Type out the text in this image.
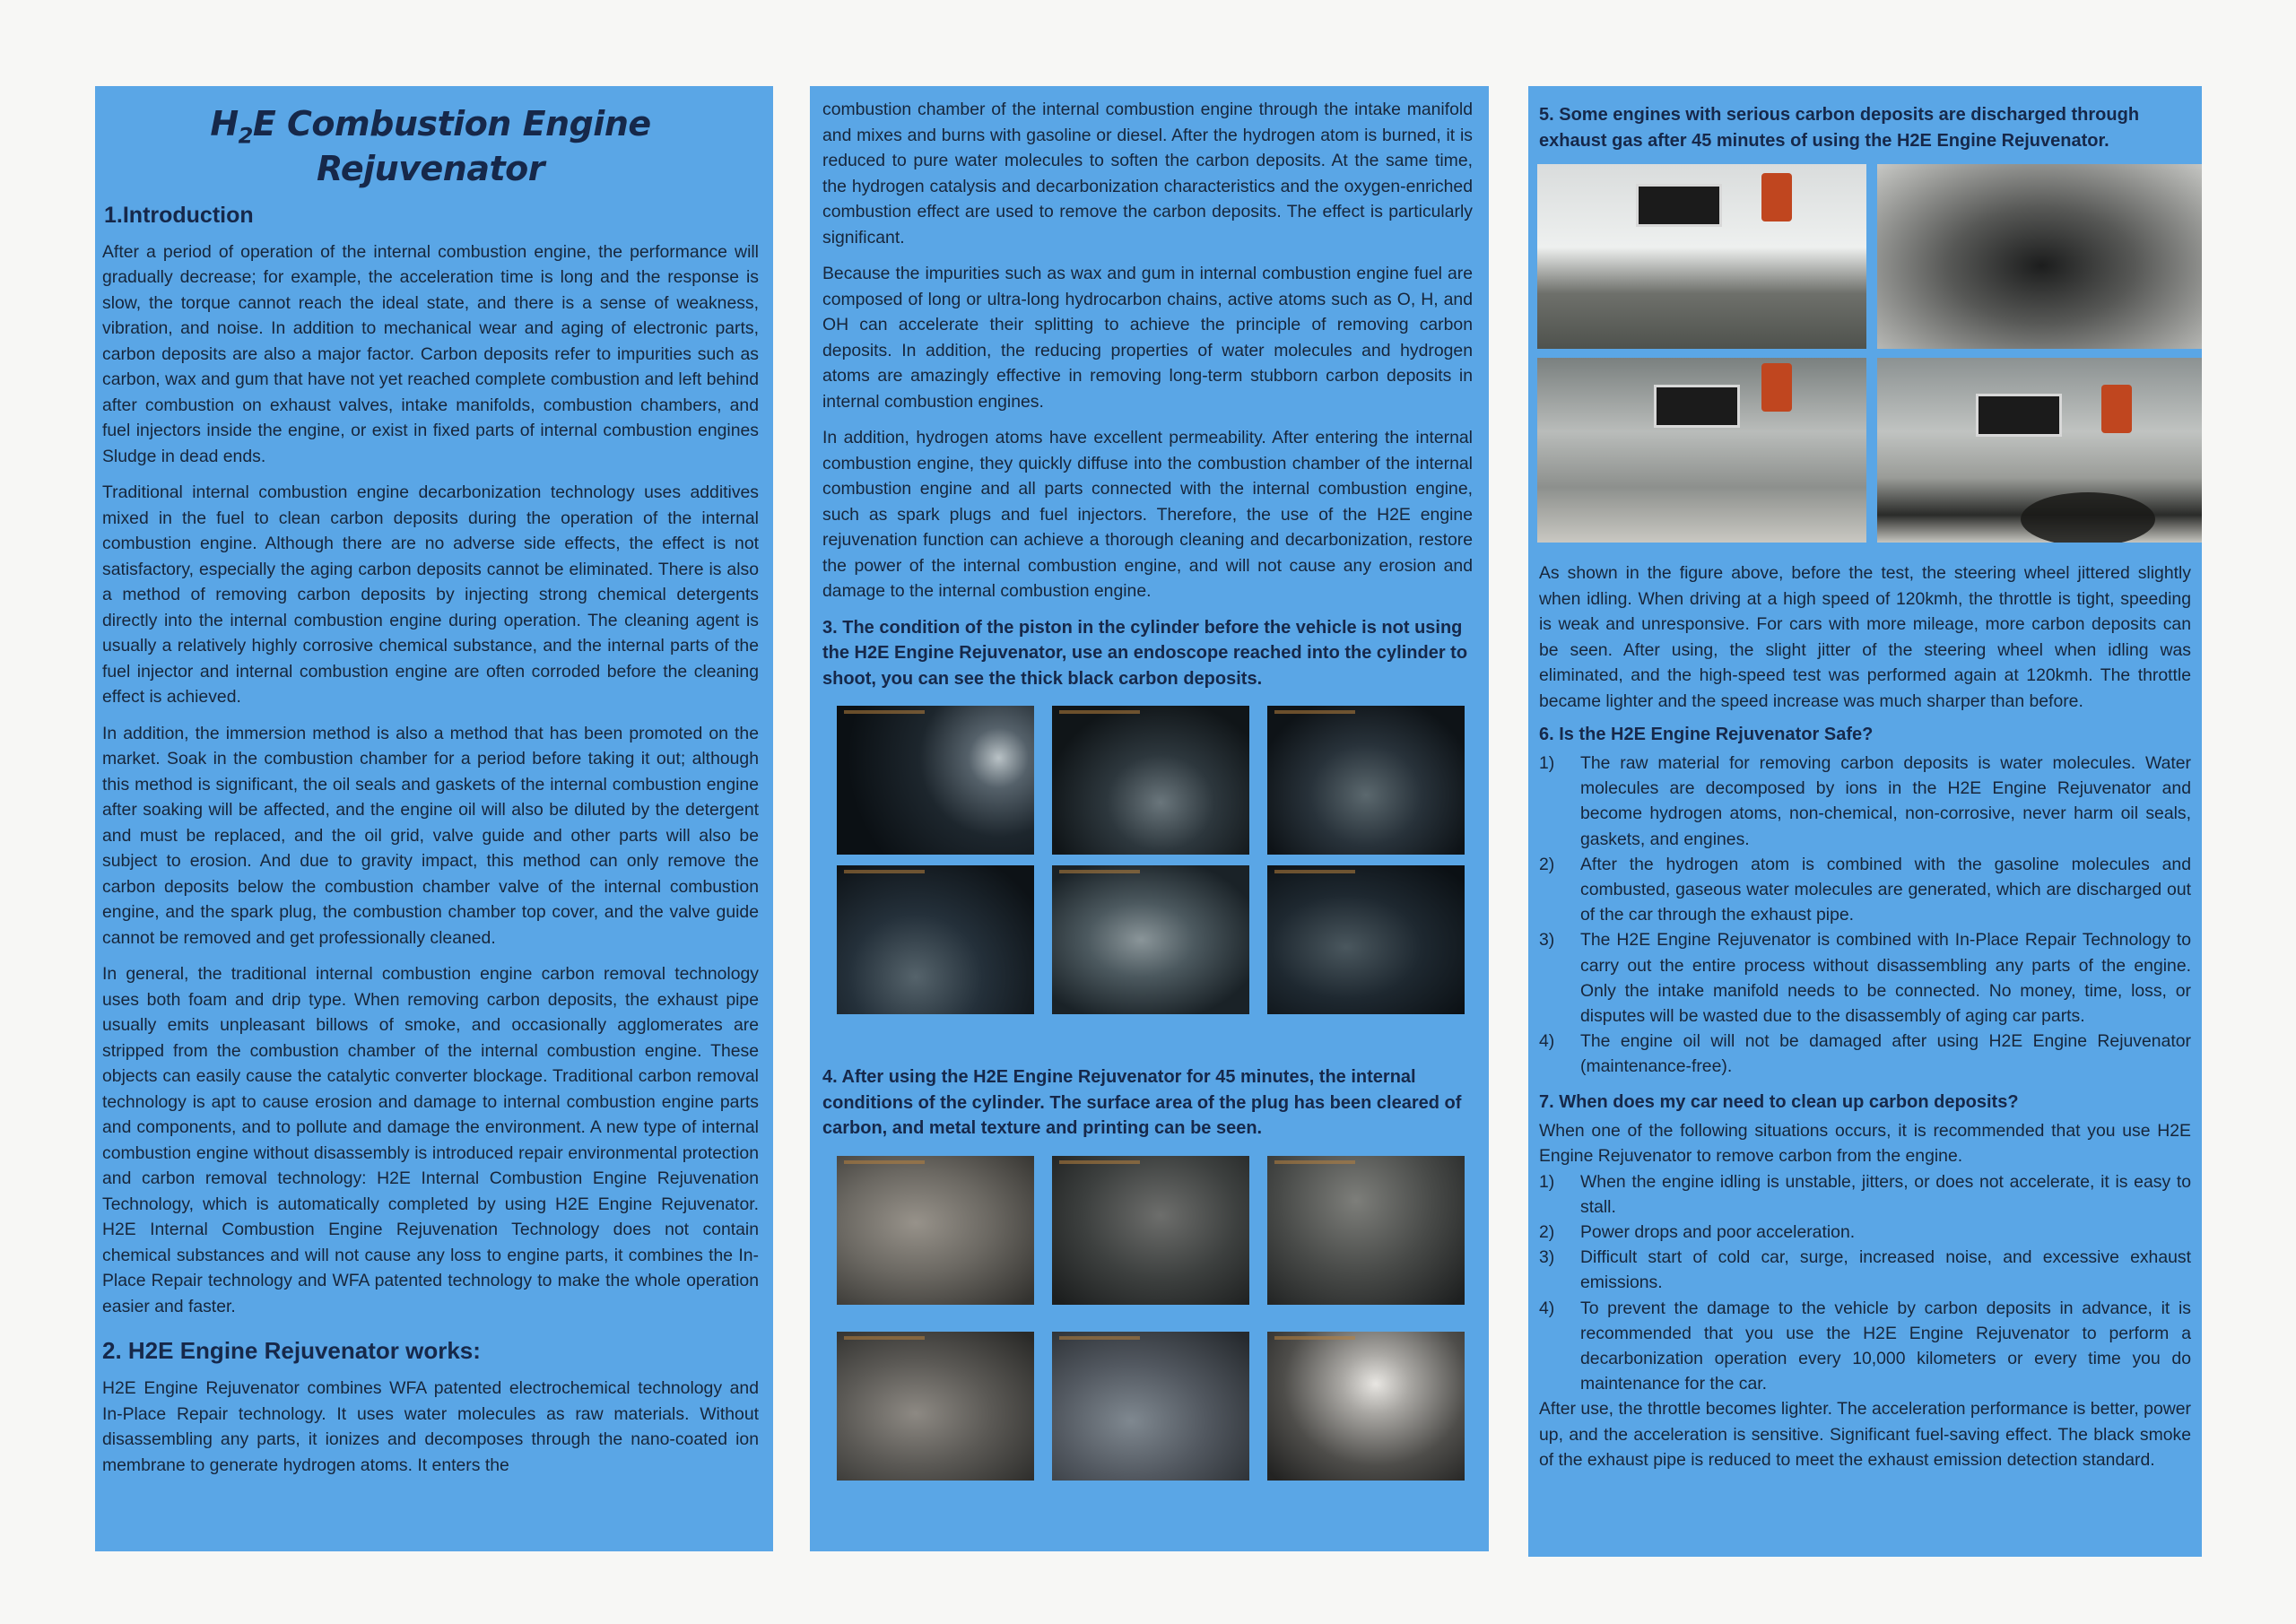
$H_2E$ Combustion Engine Rejuvenator
1.Introduction

After a period of operation of the internal combustion engine, the performance will gradually decrease; for example, the acceleration time is long and the response is slow, the torque cannot reach the ideal state, and there is a sense of weakness, vibration, and noise. In addition to mechanical wear and aging of electronic parts, carbon deposits are also a major factor. Carbon deposits refer to impurities such as carbon, wax and gum that have not yet reached complete combustion and left behind after combustion on exhaust valves, intake manifolds, combustion chambers, and fuel injectors inside the engine, or exist in fixed parts of internal combustion engines Sludge in dead ends.

Traditional internal combustion engine decarbonization technology uses additives mixed in the fuel to clean carbon deposits during the operation of the internal combustion engine. Although there are no adverse side effects, the effect is not satisfactory, especially the aging carbon deposits cannot be eliminated. There is also a method of removing carbon deposits by injecting strong chemical detergents directly into the internal combustion engine during operation. The cleaning agent is usually a relatively highly corrosive chemical substance, and the internal parts of the fuel injector and internal combustion engine are often corroded before the cleaning effect is achieved.

In addition, the immersion method is also a method that has been promoted on the market. Soak in the combustion chamber for a period before taking it out; although this method is significant, the oil seals and gaskets of the internal combustion engine after soaking will be affected, and the engine oil will also be diluted by the detergent and must be replaced, and the oil grid, valve guide and other parts will also be subject to erosion. And due to gravity impact, this method can only remove the carbon deposits below the combustion chamber valve of the internal combustion engine, and the spark plug, the combustion chamber top cover, and the valve guide cannot be removed and get professionally cleaned.

In general, the traditional internal combustion engine carbon removal technology uses both foam and drip type. When removing carbon deposits, the exhaust pipe usually emits unpleasant billows of smoke, and occasionally agglomerates are stripped from the combustion chamber of the internal combustion engine. These objects can easily cause the catalytic converter blockage. Traditional carbon removal technology is apt to cause erosion and damage to internal combustion engine parts and components, and to pollute and damage the environment. A new type of internal combustion engine without disassembly is introduced repair environmental protection and carbon removal technology: H2E Internal Combustion Engine Rejuvenation Technology, which is automatically completed by using H2E Engine Rejuvenator. H2E Internal Combustion Engine Rejuvenation Technology does not contain chemical substances and will not cause any loss to engine parts, it combines the In-Place Repair technology and WFA patented technology to make the whole operation easier and faster.

2. H2E Engine Rejuvenator works:

H2E Engine Rejuvenator combines WFA patented electrochemical technology and In-Place Repair technology. It uses water molecules as raw materials. Without disassembling any parts, it ionizes and decomposes through the nano-coated ion membrane to generate hydrogen atoms. It enters the

combustion chamber of the internal combustion engine through the intake manifold and mixes and burns with gasoline or diesel. After the hydrogen atom is burned, it is reduced to pure water molecules to soften the carbon deposits. At the same time, the hydrogen catalysis and decarbonization characteristics and the oxygen-enriched combustion effect are used to remove the carbon deposits. The effect is particularly significant.

Because the impurities such as wax and gum in internal combustion engine fuel are composed of long or ultra-long hydrocarbon chains, active atoms such as O, H, and OH can accelerate their splitting to achieve the principle of removing carbon deposits. In addition, the reducing properties of water molecules and hydrogen atoms are amazingly effective in removing long-term stubborn carbon deposits in internal combustion engines.

In addition, hydrogen atoms have excellent permeability. After entering the internal combustion engine, they quickly diffuse into the combustion chamber of the internal combustion engine and all parts connected with the internal combustion engine, such as spark plugs and fuel injectors. Therefore, the use of the H2E engine rejuvenation function can achieve a thorough cleaning and decarbonization, restore the power of the internal combustion engine, and will not cause any erosion and damage to the internal combustion engine.

3. The condition of the piston in the cylinder before the vehicle is not using the H2E Engine Rejuvenator, use an endoscope reached into the cylinder to shoot, you can see the thick black carbon deposits.
4. After using the H2E Engine Rejuvenator for 45 minutes, the internal conditions of the cylinder. The surface area of the plug has been cleared of carbon, and metal texture and printing can be seen.
5. Some engines with serious carbon deposits are discharged through exhaust gas after 45 minutes of using the H2E Engine Rejuvenator.

As shown in the figure above, before the test, the steering wheel jittered slightly when idling. When driving at a high speed of 120kmh, the throttle is tight, speeding is weak and unresponsive. For cars with more mileage, more carbon deposits can be seen. After using, the slight jitter of the steering wheel when idling was eliminated, and the high-speed test was performed again at 120kmh. The throttle became lighter and the speed increase was much sharper than before.

6. Is the H2E Engine Rejuvenator Safe?
1)	The raw material for removing carbon deposits is water molecules. Water molecules are decomposed by ions in the H2E Engine Rejuvenator and become hydrogen atoms, non-chemical, non-corrosive, never harm oil seals, gaskets, and engines.
2)	After the hydrogen atom is combined with the gasoline molecules and combusted, gaseous water molecules are generated, which are discharged out of the car through the exhaust pipe.
3)	The H2E Engine Rejuvenator is combined with In-Place Repair Technology to carry out the entire process without disassembling any parts of the engine. Only the intake manifold needs to be connected. No money, time, loss, or disputes will be wasted due to the disassembly of aging car parts.
4)	The engine oil will not be damaged after using H2E Engine Rejuvenator (maintenance-free).
7. When does my car need to clean up carbon deposits?

When one of the following situations occurs, it is recommended that you use H2E Engine Rejuvenator to remove carbon from the engine.

1)	When the engine idling is unstable, jitters, or does not accelerate, it is easy to stall.
2)	Power drops and poor acceleration.
3)	Difficult start of cold car, surge, increased noise, and excessive exhaust emissions.
4)	To prevent the damage to the vehicle by carbon deposits in advance, it is recommended that you use the H2E Engine Rejuvenator to perform a decarbonization operation every 10,000 kilometers or every time you do maintenance for the car.

After use, the throttle becomes lighter. The acceleration performance is better, power up, and the acceleration is sensitive. Significant fuel-saving effect. The black smoke of the exhaust pipe is reduced to meet the exhaust emission detection standard.
